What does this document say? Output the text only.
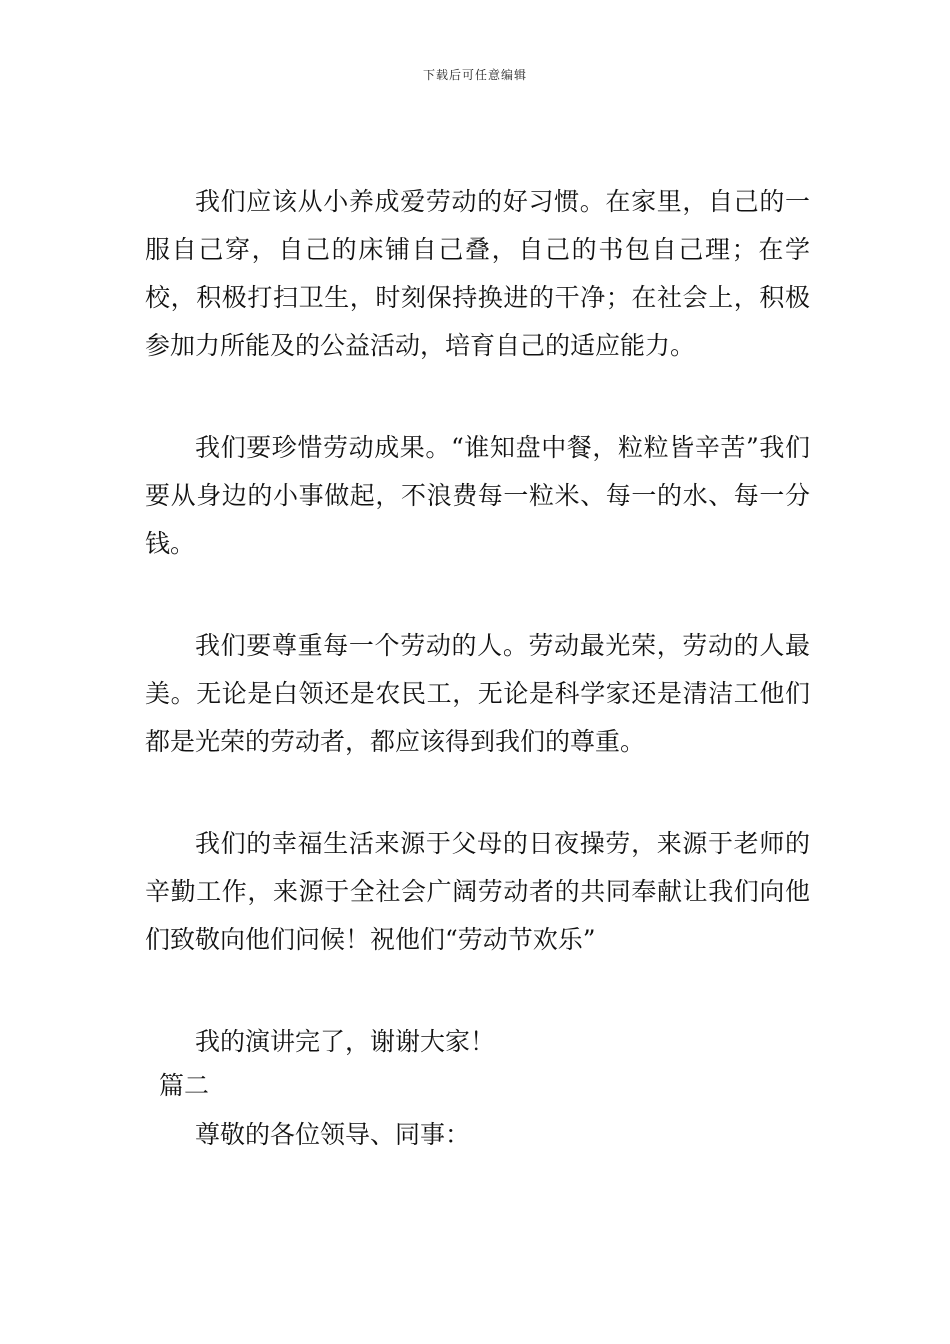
下载后可任意编辑

我们应该从小养成爱劳动的好习惯。在家里，自己的一服自己穿，自己的床铺自己叠，自己的书包自己理；在学校，积极打扫卫生，时刻保持换进的干净；在社会上，积极参加力所能及的公益活动，培育自己的适应能力。

我们要珍惜劳动成果。“谁知盘中餐，粒粒皆辛苦”我们要从身边的小事做起，不浪费每一粒米、每一的水、每一分钱。

我们要尊重每一个劳动的人。劳动最光荣，劳动的人最美。无论是白领还是农民工，无论是科学家还是清洁工他们都是光荣的劳动者，都应该得到我们的尊重。

我们的幸福生活来源于父母的日夜操劳，来源于老师的辛勤工作，来源于全社会广阔劳动者的共同奉献让我们向他们致敬向他们问候！祝他们“劳动节欢乐”

我的演讲完了，谢谢大家！

篇二

尊敬的各位领导、同事：
